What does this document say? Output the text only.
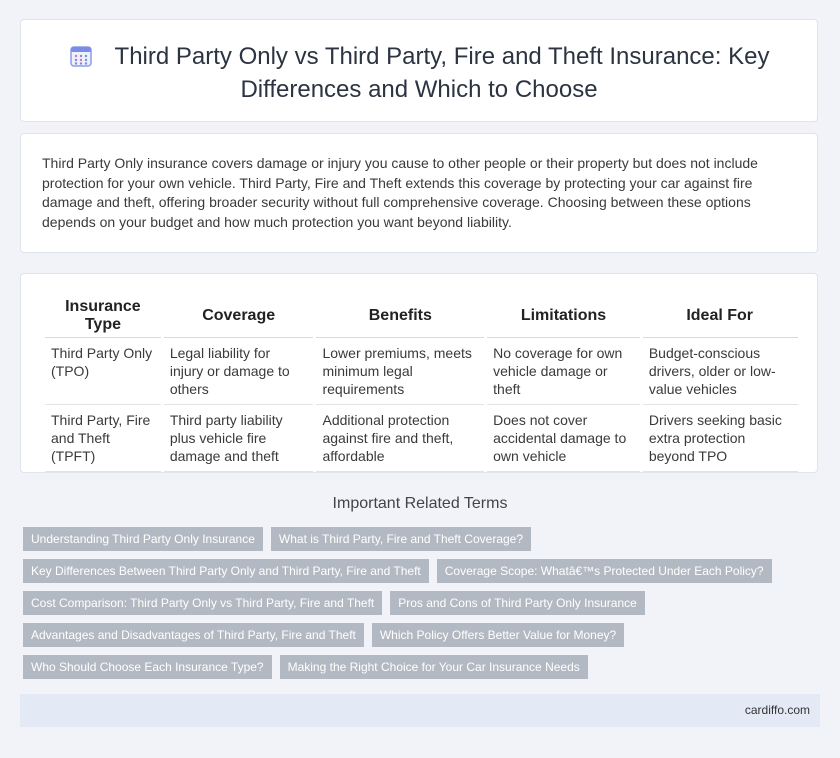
Third Party Only vs Third Party, Fire and Theft Insurance: Key Differences and Which to Choose
Third Party Only insurance covers damage or injury you cause to other people or their property but does not include protection for your own vehicle. Third Party, Fire and Theft extends this coverage by protecting your car against fire damage and theft, offering broader security without full comprehensive coverage. Choosing between these options depends on your budget and how much protection you want beyond liability.
Insurance Type	Coverage	Benefits	Limitations	Ideal For
Third Party Only (TPO)	Legal liability for injury or damage to others	Lower premiums, meets minimum legal requirements	No coverage for own vehicle damage or theft	Budget-conscious drivers, older or low-value vehicles
Third Party, Fire and Theft (TPFT)	Third party liability plus vehicle fire damage and theft	Additional protection against fire and theft, affordable	Does not cover accidental damage to own vehicle	Drivers seeking basic extra protection beyond TPO
Important Related Terms
Understanding Third Party Only Insurance	What is Third Party, Fire and Theft Coverage?
Key Differences Between Third Party Only and Third Party, Fire and Theft	Coverage Scope: Whatâ€™s Protected Under Each Policy?
Cost Comparison: Third Party Only vs Third Party, Fire and Theft	Pros and Cons of Third Party Only Insurance
Advantages and Disadvantages of Third Party, Fire and Theft	Which Policy Offers Better Value for Money?
Who Should Choose Each Insurance Type?	Making the Right Choice for Your Car Insurance Needs
cardiffo.com
